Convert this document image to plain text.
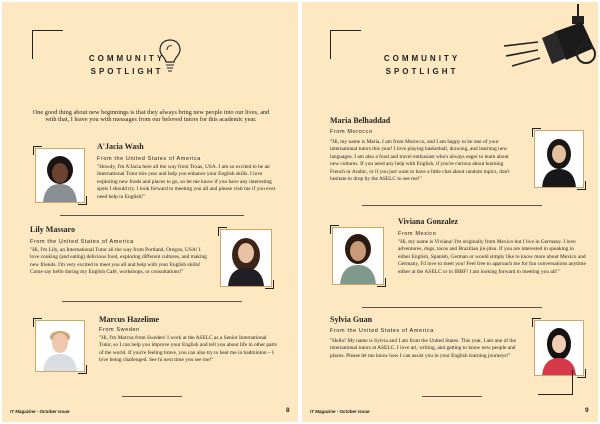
COMMUNITY
SPOTLIGHT
One good thing about new beginnings is that they always bring new people into our lives, and with that, I leave you with messages from our beloved tutors for this academic year.
A'Jacia Wash
From the United States of America
"Howdy, I'm A'Jacia here all the way from Texas, USA. I am so excited to be an International Tutor this year and help you enhance your English skills. I love exploring new foods and places to go, so let me know if you have any interesting spots I should try. I look forward to meeting you all and please visit me if you ever need help in English!"
Lily Massaro
From the United States of America
"Hi, I'm Lily, an International Tutor all the way from Portland, Oregon, USA! I love cooking (and eating) delicious food, exploring different cultures, and making new friends. I'm very excited to meet you all and help with your English skills! Come say hello during my English Café, workshops, or consultations!"
Marcus Hazelime
From Sweden
"Hi, I'm Marcus from Sweden! I work at the ASELC as a Senior International Tutor, so I can help you improve your English and tell you about life in other parts of the world. If you're feeling brave, you can also try to beat me in badminton – I love being challenged. See hi next time you see me!"
IT Magazine · October Issue	8
COMMUNITY
SPOTLIGHT
Maria Belhaddad
From Morocco
"Hi, my name is Maria, I am from Morocco, and I am happy to be one of your international tutors this year! I love playing basketball, drawing, and learning new languages. I am also a food and travel enthusiast who's always eager to learn about new cultures. If you need any help with English, if you're curious about learning French or Arabic, or if you just want to have a little chat about random topics, don't hesitate to drop by the ASELC to see me!"
Viviana Gonzalez
From Mexico
"Hi, my name is Viviana! I'm originally from Mexico but I live in Germany. I love adventures, dogs, tacos and Brazilian jiu-jitsu. If you are interested in speaking in either English, Spanish, German or would simply like to know more about Mexico and Germany, I'd love to meet you! Feel free to approach me for fun conversations anytime either at the ASELC or in IBBF! I am looking forward to meeting you all!"
Sylvia Guan
From the United States of America
"Hello! My name is Sylvia and I am from the United States. This year, I am one of the international tutors at ASELC. I love art, writing, and getting to know new people and places. Please let me know how I can assist you in your English learning journeys!"
IT Magazine · October Issue	9
